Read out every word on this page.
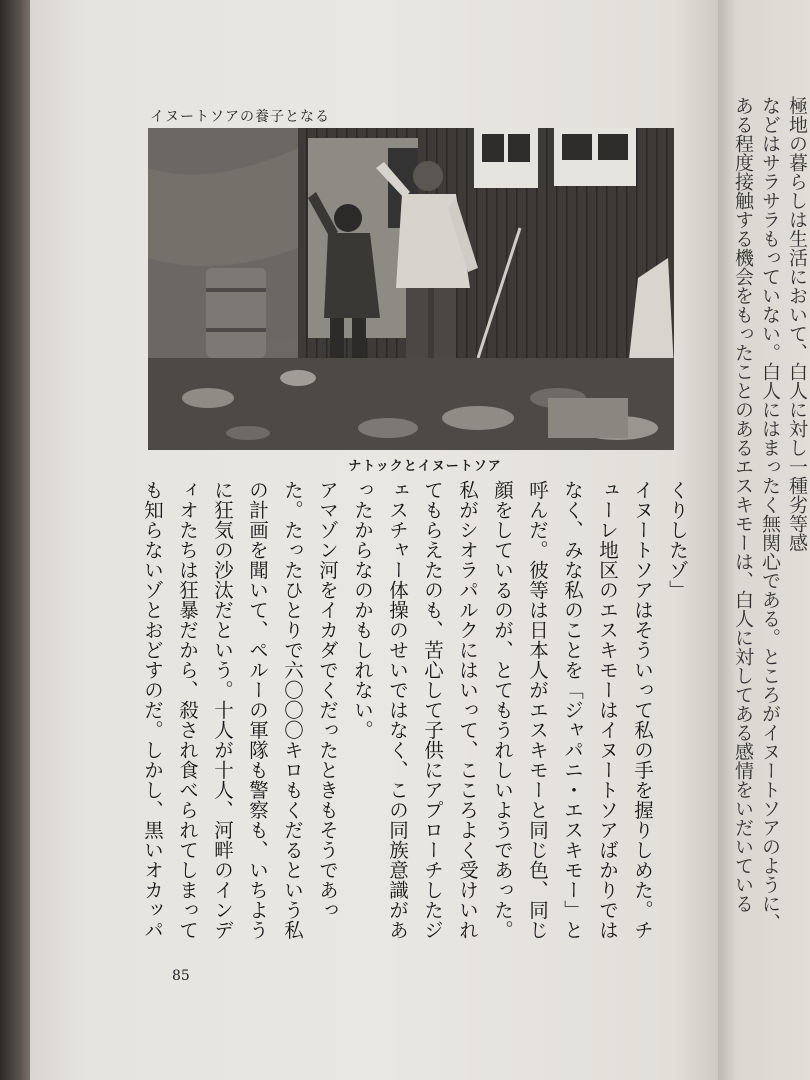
イヌートソアの養子となる
ナトックとイヌートソア

くりしたゾ」

イヌートソアはそういって私の手を握りしめた。チューレ地区のエスキモーはイヌートソアばかりではなく、みな私のことを「ジャパニ・エスキモー」と呼んだ。彼等は日本人がエスキモーと同じ色、同じ顔をしているのが、とてもうれしいようであった。私がシオラパルクにはいって、こころよく受けいれてもらえたのも、苦心して子供にアプローチしたジェスチャー体操のせいではなく、この同族意識があったからなのかもしれない。

アマゾン河をイカダでくだったときもそうであった。たったひとりで六〇〇〇キロもくだるという私の計画を聞いて、ペルーの軍隊も警察も、いちように狂気の沙汰だという。十人が十人、河畔のインディオたちは狂暴だから、殺され食べられてしまっても知らないゾとおどすのだ。しかし、黒いオカッパ

85

極地の暮らしは生活において、白人に対し一種劣等感

などはサラサラもっていない。白人にはまったく無関心である。ところがイヌートソアのように、

ある程度接触する機会をもったことのあるエスキモーは、白人に対してある感情をいだいている
